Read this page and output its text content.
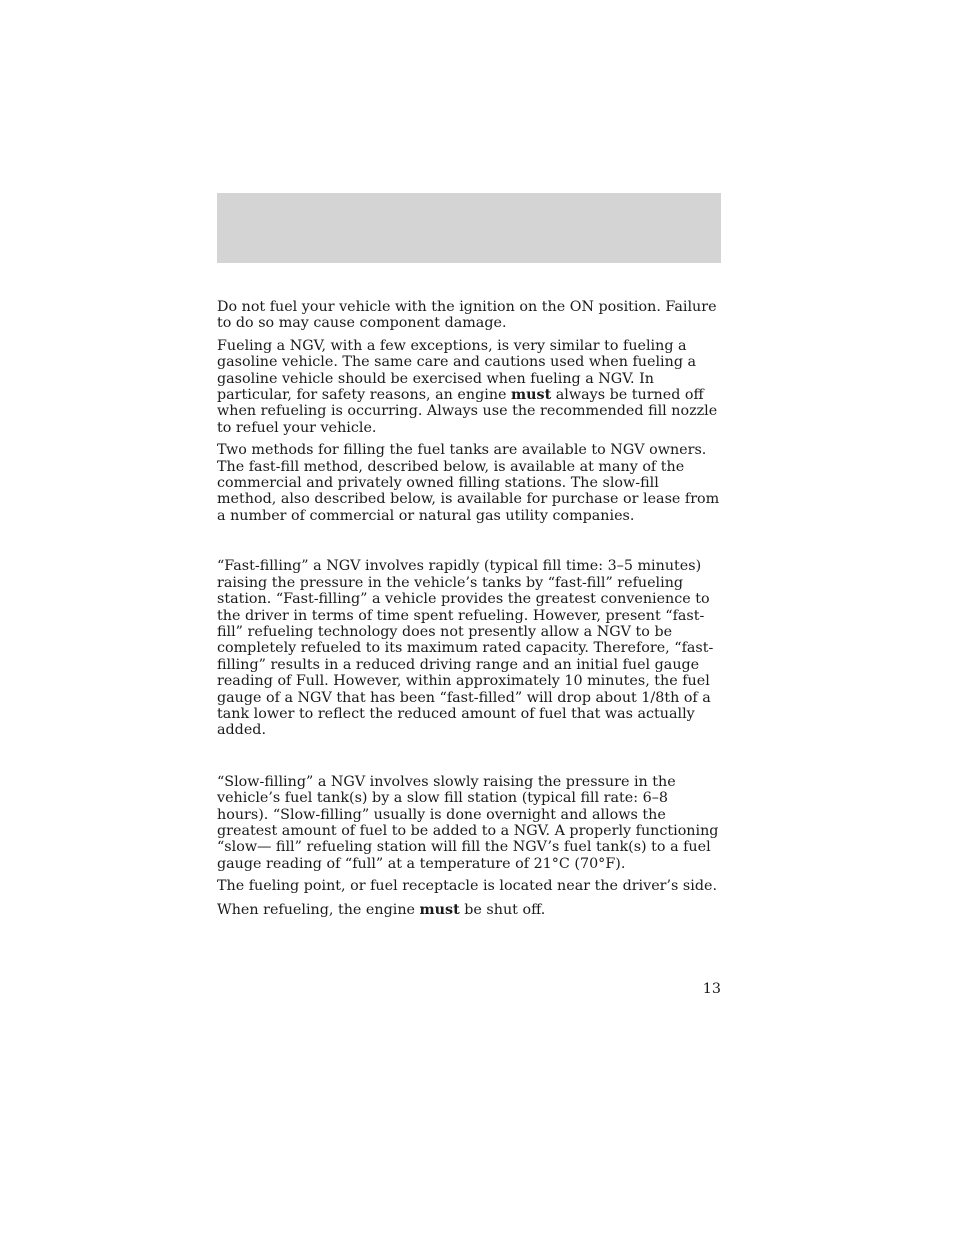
Do not fuel your vehicle with the ignition on the ON position. Failure to do so may cause component damage.

Fueling a NGV, with a few exceptions, is very similar to fueling a gasoline vehicle. The same care and cautions used when fueling a gasoline vehicle should be exercised when fueling a NGV. In particular, for safety reasons, an engine must always be turned off when refueling is occurring. Always use the recommended fill nozzle to refuel your vehicle.

Two methods for filling the fuel tanks are available to NGV owners. The fast-fill method, described below, is available at many of the commercial and privately owned filling stations. The slow-fill method, also described below, is available for purchase or lease from a number of commercial or natural gas utility companies.

“Fast-filling” a NGV involves rapidly (typical fill time: 3–5 minutes) raising the pressure in the vehicle’s tanks by “fast-fill” refueling station. “Fast-filling” a vehicle provides the greatest convenience to the driver in terms of time spent refueling. However, present “fast-fill” refueling technology does not presently allow a NGV to be completely refueled to its maximum rated capacity. Therefore, “fast-filling” results in a reduced driving range and an initial fuel gauge reading of Full. However, within approximately 10 minutes, the fuel gauge of a NGV that has been “fast-filled” will drop about 1/8th of a tank lower to reflect the reduced amount of fuel that was actually added.

“Slow-filling” a NGV involves slowly raising the pressure in the vehicle’s fuel tank(s) by a slow fill station (typical fill rate: 6–8 hours). “Slow-filling” usually is done overnight and allows the greatest amount of fuel to be added to a NGV. A properly functioning “slow— fill” refueling station will fill the NGV’s fuel tank(s) to a fuel gauge reading of “full” at a temperature of 21°C (70°F).

The fueling point, or fuel receptacle is located near the driver’s side.

When refueling, the engine must be shut off.

13
